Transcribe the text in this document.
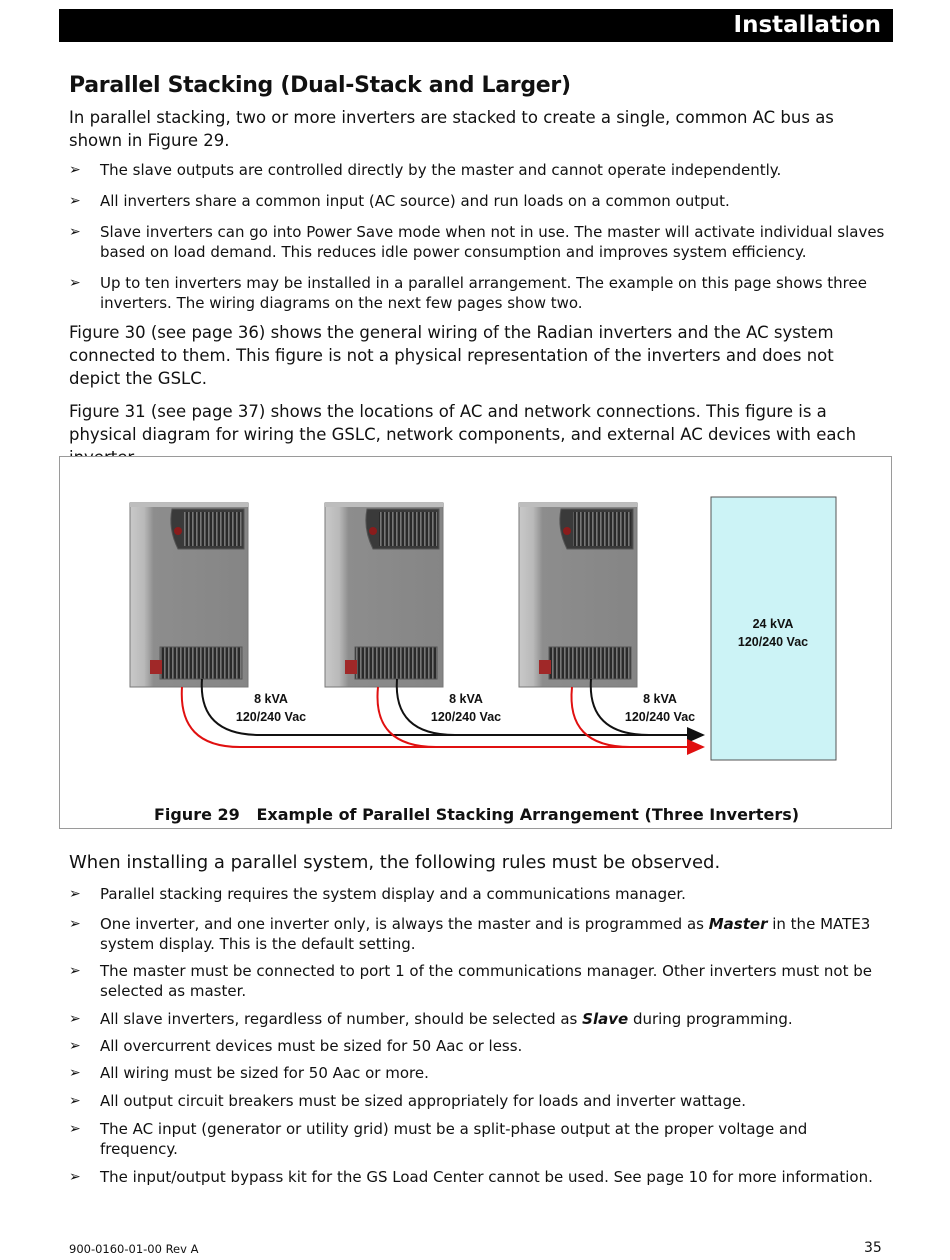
Installation
Parallel Stacking (Dual-Stack and Larger)

In parallel stacking, two or more inverters are stacked to create a single, common AC bus as shown in Figure 29.

➢ The slave outputs are controlled directly by the master and cannot operate independently.
➢ All inverters share a common input (AC source) and run loads on a common output.
➢ Slave inverters can go into Power Save mode when not in use. The master will activate individual slaves based on load demand. This reduces idle power consumption and improves system efficiency.
➢ Up to ten inverters may be installed in a parallel arrangement. The example on this page shows three inverters. The wiring diagrams on the next few pages show two.

Figure 30 (see page 36) shows the general wiring of the Radian inverters and the AC system connected to them. This figure is not a physical representation of the inverters and does not depict the GSLC.

Figure 31 (see page 37) shows the locations of AC and network connections. This figure is a physical diagram for wiring the GSLC, network components, and external AC devices with each

8 kVA
120/240 Vac
8 kVA
120/240 Vac
8 kVA
120/240 Vac
24 kVA
120/240 Vac
Figure 29   Example of Parallel Stacking Arrangement (Three Inverters)

When installing a parallel system, the following rules must be observed.

➢ Parallel stacking requires the system display and a communications manager.
➢ One inverter, and one inverter only, is always the master and is programmed as Master in the MATE3 system display. This is the default setting.
➢ The master must be connected to port 1 of the communications manager. Other inverters must not be selected as master.
➢ All slave inverters, regardless of number, should be selected as Slave during programming.
➢ All overcurrent devices must be sized for 50 Aac or less.
➢ All wiring must be sized for 50 Aac or more.
➢ All output circuit breakers must be sized appropriately for loads and inverter wattage.
➢ The AC input (generator or utility grid) must be a split-phase output at the proper voltage and frequency.
➢ The input/output bypass kit for the GS Load Center cannot be used. See page 10 for more information.
900-0160-01-00 Rev A	35
